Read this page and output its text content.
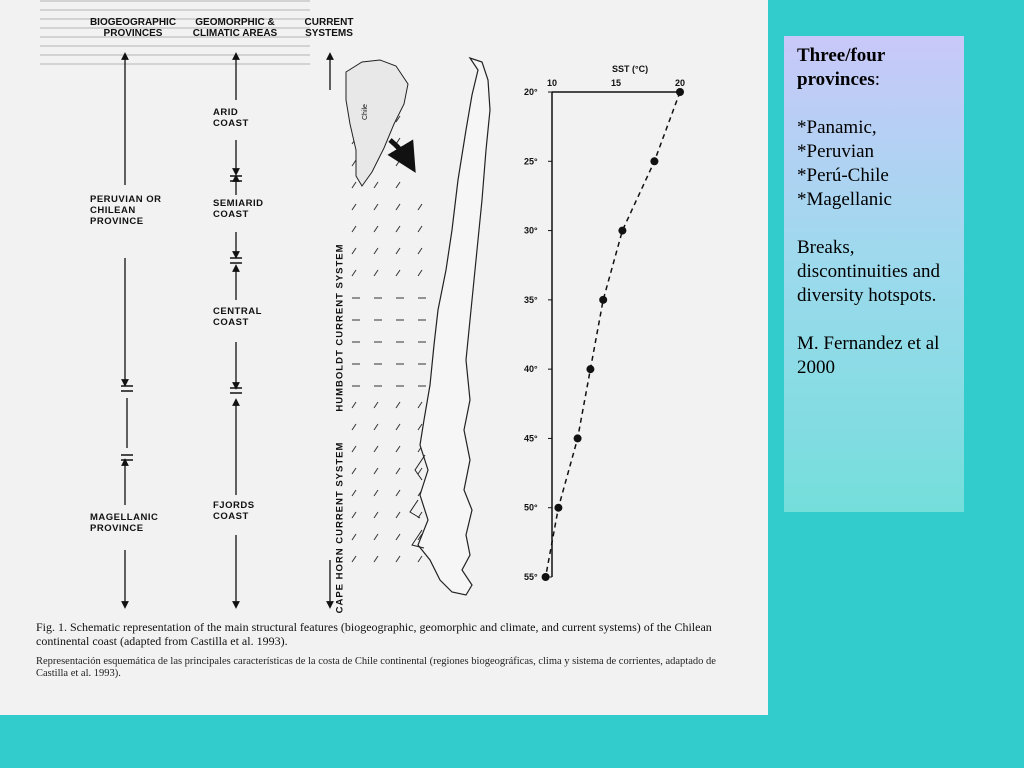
BIOGEOGRAPHIC PROVINCES
GEOMORPHIC & CLIMATIC AREAS
CURRENT SYSTEMS
PERUVIAN OR CHILEAN PROVINCE
MAGELLANIC PROVINCE
ARID COAST
SEMIARID COAST
CENTRAL COAST
FJORDS COAST
HUMBOLDT CURRENT SYSTEM
CAPE HORN CURRENT SYSTEM
SST (°C)
10	15	20
20°
25°
30°
35°
40°
45°
50°
55°
Chile
Fig. 1. Schematic representation of the main structural features (biogeographic, geomorphic and climate, and current systems) of the Chilean continental coast (adapted from Castilla et al. 1993).
Representación esquemática de las principales características de la costa de Chile continental (regiones biogeográficas, clima y sistema de corrientes, adaptado de Castilla et al. 1993).

Three/four provinces:

*Panamic,

*Peruvian

*Perú-Chile

*Magellanic

Breaks, discontinuities and diversity hotspots.

M. Fernandez et al 2000
